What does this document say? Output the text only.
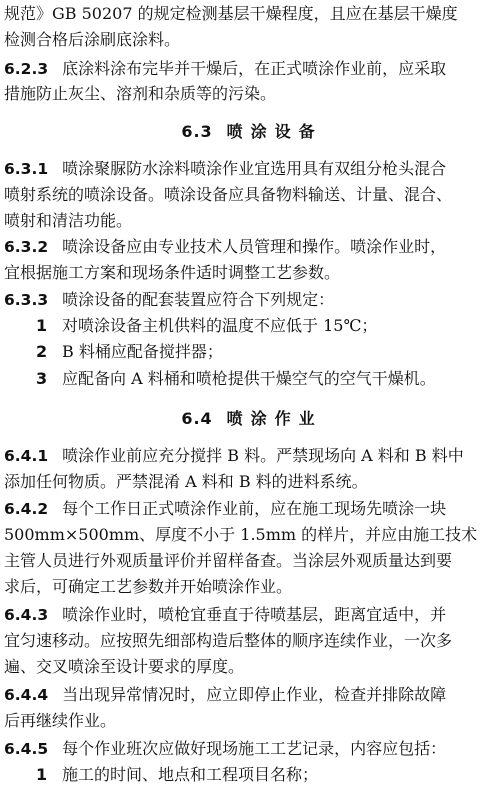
规范》GB 50207 的规定检测基层干燥程度，且应在基层干燥度
检测合格后涂刷底涂料。
6.2.3 底涂料涂布完毕并干燥后，在正式喷涂作业前，应采取
措施防止灰尘、溶剂和杂质等的污染。
6.3 喷涂设备
6.3.1 喷涂聚脲防水涂料喷涂作业宜选用具有双组分枪头混合
喷射系统的喷涂设备。喷涂设备应具备物料输送、计量、混合、
喷射和清洁功能。
6.3.2 喷涂设备应由专业技术人员管理和操作。喷涂作业时，
宜根据施工方案和现场条件适时调整工艺参数。
6.3.3 喷涂设备的配套装置应符合下列规定：
1 对喷涂设备主机供料的温度不应低于 15℃；
2 B 料桶应配备搅拌器；
3 应配备向 A 料桶和喷枪提供干燥空气的空气干燥机。
6.4 喷涂作业
6.4.1 喷涂作业前应充分搅拌 B 料。严禁现场向 A 料和 B 料中
添加任何物质。严禁混淆 A 料和 B 料的进料系统。
6.4.2 每个工作日正式喷涂作业前，应在施工现场先喷涂一块
500mm×500mm、厚度不小于 1.5mm 的样片，并应由施工技术
主管人员进行外观质量评价并留样备查。当涂层外观质量达到要
求后，可确定工艺参数并开始喷涂作业。
6.4.3 喷涂作业时，喷枪宜垂直于待喷基层，距离宜适中，并
宜匀速移动。应按照先细部构造后整体的顺序连续作业，一次多
遍、交叉喷涂至设计要求的厚度。
6.4.4 当出现异常情况时，应立即停止作业，检查并排除故障
后再继续作业。
6.4.5 每个作业班次应做好现场施工工艺记录，内容应包括：
1 施工的时间、地点和工程项目名称；
